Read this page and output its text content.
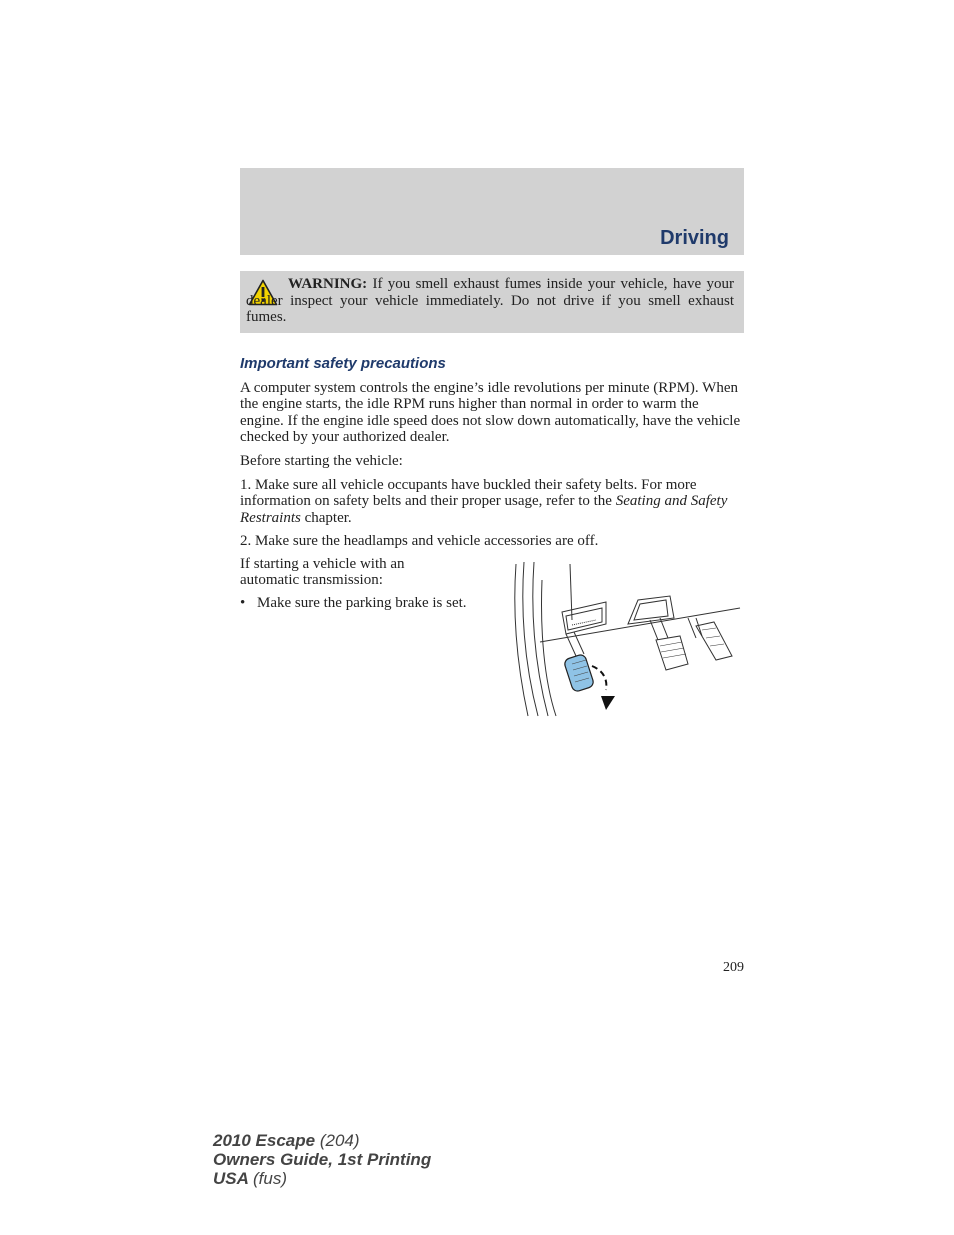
Driving
WARNING: If you smell exhaust fumes inside your vehicle, have your dealer inspect your vehicle immediately. Do not drive if you smell exhaust fumes.
Important safety precautions
A computer system controls the engine’s idle revolutions per minute (RPM). When the engine starts, the idle RPM runs higher than normal in order to warm the engine. If the engine idle speed does not slow down automatically, have the vehicle checked by your authorized dealer.
Before starting the vehicle:
1. Make sure all vehicle occupants have buckled their safety belts. For more information on safety belts and their proper usage, refer to the Seating and Safety Restraints chapter.
2. Make sure the headlamps and vehicle accessories are off.
If starting a vehicle with an automatic transmission:
• Make sure the parking brake is set.
209
2010 Escape (204)
Owners Guide, 1st Printing
USA (fus)
